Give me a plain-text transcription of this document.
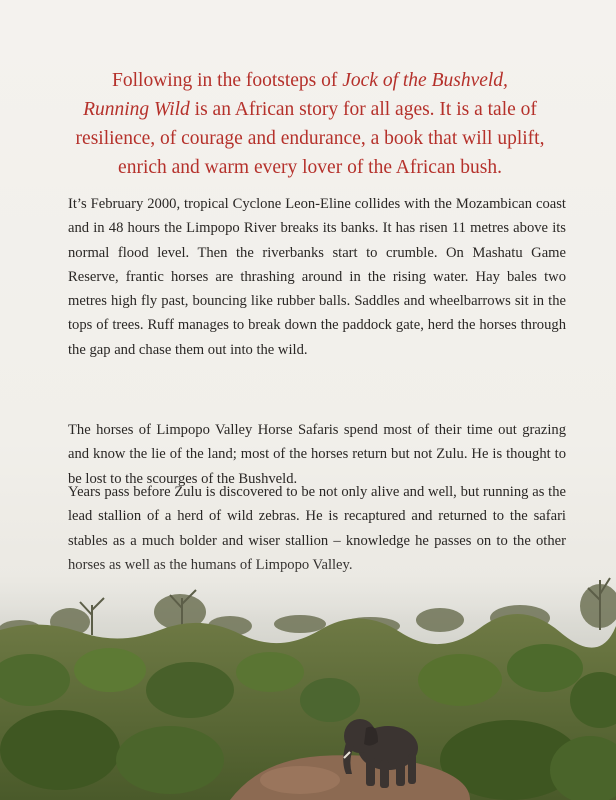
Following in the footsteps of Jock of the Bushveld,
Running Wild is an African story for all ages. It is a tale of resilience, of courage and endurance, a book that will uplift, enrich and warm every lover of the African bush.

It’s February 2000, tropical Cyclone Leon-Eline collides with the Mozambican coast and in 48 hours the Limpopo River breaks its banks. It has risen 11 metres above its normal flood level. Then the riverbanks start to crumble. On Mashatu Game Reserve, frantic horses are thrashing around in the rising water. Hay bales two metres high fly past, bouncing like rubber balls. Saddles and wheelbarrows sit in the tops of trees. Ruff manages to break down the paddock gate, herd the horses through the gap and chase them out into the wild.

The horses of Limpopo Valley Horse Safaris spend most of their time out grazing and know the lie of the land; most of the horses return but not Zulu. He is thought to be lost to the scourges of the Bushveld.

Years pass before Zulu is discovered to be not only alive and well, but running as the lead stallion of a herd of wild zebras. He is recaptured and returned to the safari stables as a much bolder and wiser stallion – knowledge he passes on to the other
